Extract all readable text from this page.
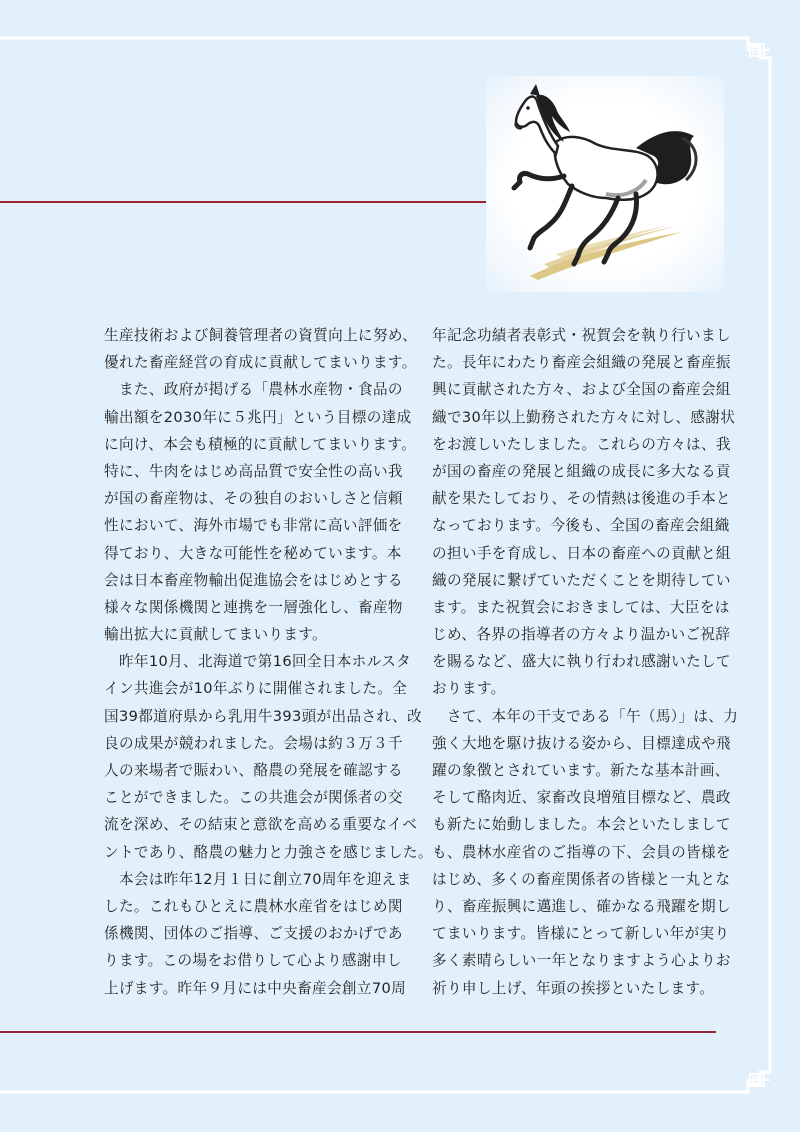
生産技術および飼養管理者の資質向上に努め、
優れた畜産経営の育成に貢献してまいります。
　また、政府が掲げる「農林水産物・食品の
輸出額を2030年に５兆円」という目標の達成
に向け、本会も積極的に貢献してまいります。
特に、牛肉をはじめ高品質で安全性の高い我
が国の畜産物は、その独自のおいしさと信頼
性において、海外市場でも非常に高い評価を
得ており、大きな可能性を秘めています。本
会は日本畜産物輸出促進協会をはじめとする
様々な関係機関と連携を一層強化し、畜産物
輸出拡大に貢献してまいります。
　昨年10月、北海道で第16回全日本ホルスタ
イン共進会が10年ぶりに開催されました。全
国39都道府県から乳用牛393頭が出品され、改
良の成果が競われました。会場は約３万３千
人の来場者で賑わい、酪農の発展を確認する
ことができました。この共進会が関係者の交
流を深め、その結束と意欲を高める重要なイベ
ントであり、酪農の魅力と力強さを感じました。
　本会は昨年12月１日に創立70周年を迎えま
した。これもひとえに農林水産省をはじめ関
係機関、団体のご指導、ご支援のおかげであ
ります。この場をお借りして心より感謝申し
上げます。昨年９月には中央畜産会創立70周
年記念功績者表彰式・祝賀会を執り行いまし
た。長年にわたり畜産会組織の発展と畜産振
興に貢献された方々、および全国の畜産会組
織で30年以上勤務された方々に対し、感謝状
をお渡しいたしました。これらの方々は、我
が国の畜産の発展と組織の成長に多大なる貢
献を果たしており、その情熱は後進の手本と
なっております。今後も、全国の畜産会組織
の担い手を育成し、日本の畜産への貢献と組
織の発展に繋げていただくことを期待してい
ます。また祝賀会におきましては、大臣をは
じめ、各界の指導者の方々より温かいご祝辞
を賜るなど、盛大に執り行われ感謝いたして
おります。
　さて、本年の干支である「午（馬）」は、力
強く大地を駆け抜ける姿から、目標達成や飛
躍の象徴とされています。新たな基本計画、
そして酪肉近、家畜改良増殖目標など、農政
も新たに始動しました。本会といたしまして
も、農林水産省のご指導の下、会員の皆様を
はじめ、多くの畜産関係者の皆様と一丸とな
り、畜産振興に邁進し、確かなる飛躍を期し
てまいります。皆様にとって新しい年が実り
多く素晴らしい一年となりますよう心よりお
祈り申し上げ、年頭の挨拶といたします。
